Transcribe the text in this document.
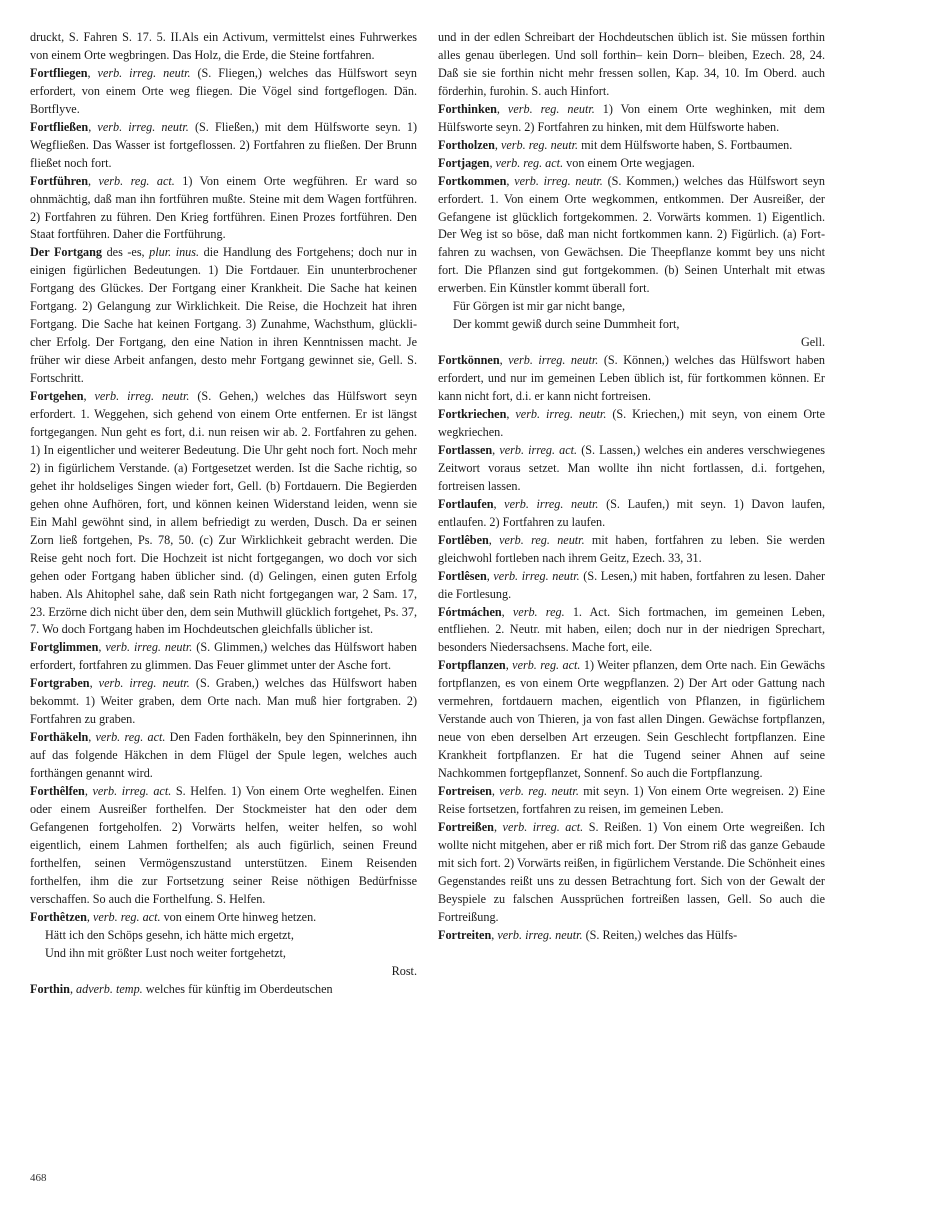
druckt, S. Fahren S. 17. 5. II.Als ein Activum, vermittelst eines Fuhrwerkes von einem Orte wegbringen. Das Holz, die Erde, die Steine fortfahren.

Fortfliegen, verb. irreg. neutr. (S. Fliegen,) welches das Hülfswort seyn erfordert, von einem Orte weg fliegen. Die Vögel sind fortgeflogen. Dän. Bortflyve.

Fortfließen, verb. irreg. neutr. (S. Fließen,) mit dem Hülfsworte seyn. 1) Wegfließen. Das Wasser ist fortgeflossen. 2) Fortfahren zu fließen. Der Brunn fließet noch fort.

Fortführen, verb. reg. act. 1) Von einem Orte wegführen. Er ward so ohnmächtig, daß man ihn fortführen mußte. Steine mit dem Wagen fortführen. 2) Fortfahren zu führen. Den Krieg fortführen. Einen Prozes fortführen. Den Staat fortführen. Daher die Fortführung.

Der Fortgang des -es, plur. inus. die Handlung des Fortgehens; doch nur in einigen figürlichen Bedeutungen. 1) Die Fortdauer. Ein ununterbrochener Fortgang des Glückes. Der Fortgang einer Krankheit. Die Sache hat keinen Fortgang. 2) Gelangung zur Wirklichkeit. Die Reise, die Hochzeit hat ihren Fortgang. Die Sache hat keinen Fortgang. 3) Zunahme, Wachsthum, glücklicher Erfolg. Der Fortgang, den eine Nation in ihren Kenntnissen macht. Je früher wir diese Arbeit anfangen, desto mehr Fortgang gewinnet sie, Gell. S. Fortschritt.

Fortgehen, verb. irreg. neutr. (S. Gehen,) welches das Hülfswort seyn erfordert. 1. Weggehen, sich gehend von einem Orte entfernen. Er ist längst fortgegangen. Nun geht es fort, d.i. nun reisen wir ab. 2. Fortfahren zu gehen. 1) In eigentlicher und weiterer Bedeutung. Die Uhr geht noch fort. Noch mehr 2) in figürlichem Verstande. (a) Fortgesetzet werden. Ist die Sache richtig, so gehet ihr holdseliges Singen wieder fort, Gell. (b) Fortdauern. Die Begierden gehen ohne Aufhören, fort, und können keinen Widerstand leiden, wenn sie Ein Mahl gewöhnt sind, in allem befriedigt zu werden, Dusch. Da er seinen Zorn ließ fortgehen, Ps. 78, 50. (c) Zur Wirklichkeit gebracht werden. Die Reise geht noch fort. Die Hochzeit ist nicht fortgegangen, wo doch vor sich gehen oder Fortgang haben üblicher sind. (d) Gelingen, einen guten Erfolg haben. Als Ahitophel sahe, daß sein Rath nicht fortgegangen war, 2 Sam. 17, 23. Erzörne dich nicht über den, dem sein Muthwill glücklich fortgehet, Ps. 37, 7. Wo doch Fortgang haben im Hochdeutschen gleichfalls üblicher ist.

Fortglimmen, verb. irreg. neutr. (S. Glimmen,) welches das Hülfswort haben erfordert, fortfahren zu glimmen. Das Feuer glimmet unter der Asche fort.

Fortgraben, verb. irreg. neutr. (S. Graben,) welches das Hülfswort haben bekommt. 1) Weiter graben, dem Orte nach. Man muß hier fortgraben. 2) Fortfahren zu graben.

Forthäkeln, verb. reg. act. Den Faden forthäkeln, bey den Spinnerinnen, ihn auf das folgende Häkchen in dem Flügel der Spule legen, welches auch forthängen genannt wird.

Forthêlfen, verb. irreg. act. S. Helfen. 1) Von einem Orte weghelfen. Einen oder einem Ausreißer forthelfen. Der Stockmeister hat den oder dem Gefangenen fortgeholfen. 2) Vorwärts helfen, weiter helfen, so wohl eigentlich, einem Lahmen forthelfen; als auch figürlich, seinen Freund forthelfen, seinen Vermögenszustand unterstützen. Einem Reisenden forthelfen, ihm die zur Fortsetzung seiner Reise nöthigen Bedürfnisse verschaffen. So auch die Forthelfung. S. Helfen.

Forthêtzen, verb. reg. act. von einem Orte hinweg hetzen.

Hätt ich den Schöps gesehn, ich hätte mich ergetzt,

Und ihn mit größter Lust noch weiter fortgehetzt,

Rost.

Forthin, adverb. temp. welches für künftig im Oberdeutschen

und in der edlen Schreibart der Hochdeutschen üblich ist. Sie müssen forthin alles genau überlegen. Und soll forthin– kein Dorn– bleiben, Ezech. 28, 24. Daß sie sie forthin nicht mehr fressen sollen, Kap. 34, 10. Im Oberd. auch förderhin, furohin. S. auch Hinfort.

Forthinken, verb. reg. neutr. 1) Von einem Orte weghinken, mit dem Hülfsworte seyn. 2) Fortfahren zu hinken, mit dem Hülfsworte haben.

Fortholzen, verb. reg. neutr. mit dem Hülfsworte haben, S. Fortbaumen.

Fortjagen, verb. reg. act. von einem Orte wegjagen.

Fortkommen, verb. irreg. neutr. (S. Kommen,) welches das Hülfswort seyn erfordert. 1. Von einem Orte wegkommen, entkommen. Der Ausreißer, der Gefangene ist glücklich fortgekommen. 2. Vorwärts kommen. 1) Eigentlich. Der Weg ist so böse, daß man nicht fortkommen kann. 2) Figürlich. (a) Fortfahren zu wachsen, von Gewächsen. Die Theepflanze kommt bey uns nicht fort. Die Pflanzen sind gut fortgekommen. (b) Seinen Unterhalt mit etwas erwerben. Ein Künstler kommt überall fort.

Für Görgen ist mir gar nicht bange,

Der kommt gewiß durch seine Dummheit fort,

Gell.

Fortkönnen, verb. irreg. neutr. (S. Können,) welches das Hülfswort haben erfordert, und nur im gemeinen Leben üblich ist, für fortkommen können. Er kann nicht fort, d.i. er kann nicht fortreisen.

Fortkriechen, verb. irreg. neutr. (S. Kriechen,) mit seyn, von einem Orte wegkriechen.

Fortlassen, verb. irreg. act. (S. Lassen,) welches ein anderes verschwiegenes Zeitwort voraus setzet. Man wollte ihn nicht fortlassen, d.i. fortgehen, fortreisen lassen.

Fortlaufen, verb. irreg. neutr. (S. Laufen,) mit seyn. 1) Davon laufen, entlaufen. 2) Fortfahren zu laufen.

Fortlêben, verb. reg. neutr. mit haben, fortfahren zu leben. Sie werden gleichwohl fortleben nach ihrem Geitz, Ezech. 33, 31.

Fortlêsen, verb. irreg. neutr. (S. Lesen,) mit haben, fortfahren zu lesen. Daher die Fortlesung.

Fórtmáchen, verb. reg. 1. Act. Sich fortmachen, im gemeinen Leben, entfliehen. 2. Neutr. mit haben, eilen; doch nur in der niedrigen Sprechart, besonders Niedersachsens. Mache fort, eile.

Fortpflanzen, verb. reg. act. 1) Weiter pflanzen, dem Orte nach. Ein Gewächs fortpflanzen, es von einem Orte wegpflanzen. 2) Der Art oder Gattung nach vermehren, fortdauern machen, eigentlich von Pflanzen, in figürlichem Verstande auch von Thieren, ja von fast allen Dingen. Gewächse fortpflanzen, neue von eben derselben Art erzeugen. Sein Geschlecht fortpflanzen. Eine Krankheit fortpflanzen. Er hat die Tugend seiner Ahnen auf seine Nachkommen fortgepflanzet, Sonnenf. So auch die Fortpflanzung.

Fortreisen, verb. reg. neutr. mit seyn. 1) Von einem Orte wegreisen. 2) Eine Reise fortsetzen, fortfahren zu reisen, im gemeinen Leben.

Fortreißen, verb. irreg. act. S. Reißen. 1) Von einem Orte wegreißen. Ich wollte nicht mitgehen, aber er riß mich fort. Der Strom riß das ganze Gebaude mit sich fort. 2) Vorwärts reißen, in figürlichem Verstande. Die Schönheit eines Gegenstandes reißt uns zu dessen Betrachtung fort. Sich von der Gewalt der Beyspiele zu falschen Aussprüchen fortreißen lassen, Gell. So auch die Fortreißung.

Fortreiten, verb. irreg. neutr. (S. Reiten,) welches das Hülfs-

468
